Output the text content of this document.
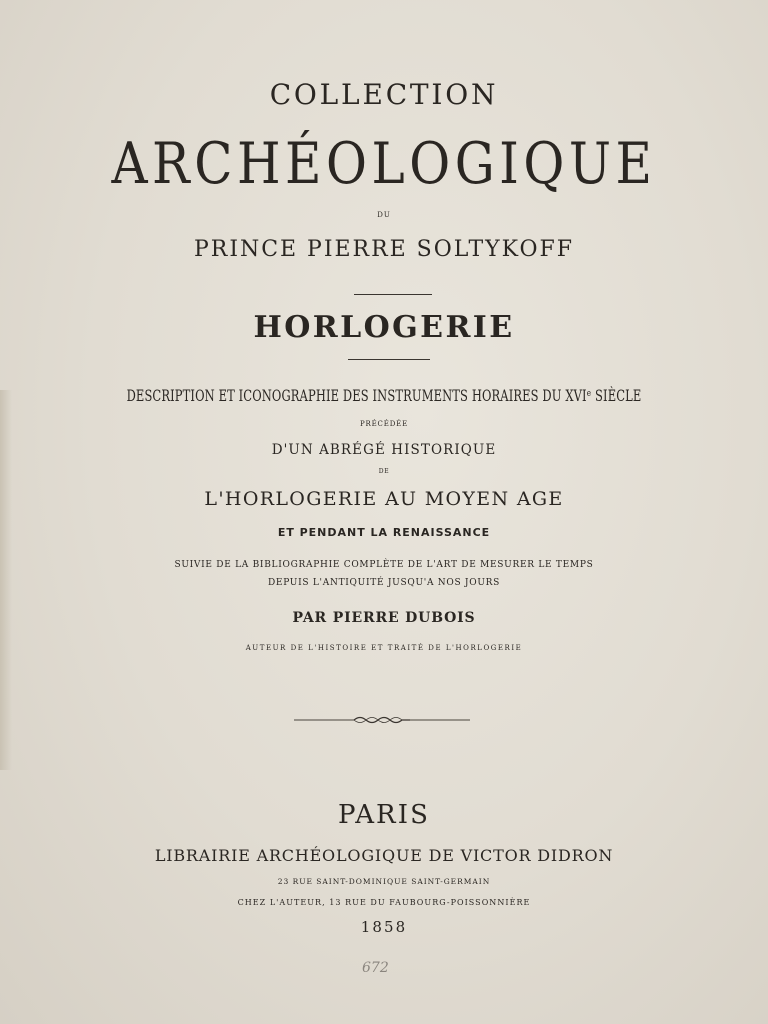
COLLECTION
ARCHÉOLOGIQUE
DU
PRINCE PIERRE SOLTYKOFF
HORLOGERIE
DESCRIPTION ET ICONOGRAPHIE DES INSTRUMENTS HORAIRES DU XVIᵉ SIÈCLE
PRÉCÉDÉE
D'UN ABRÉGÉ HISTORIQUE
DE
L'HORLOGERIE AU MOYEN AGE
ET PENDANT LA RENAISSANCE
SUIVIE DE LA BIBLIOGRAPHIE COMPLÈTE DE L'ART DE MESURER LE TEMPS
DEPUIS L'ANTIQUITÉ JUSQU'A NOS JOURS
PAR PIERRE DUBOIS
AUTEUR DE L'HISTOIRE ET TRAITÉ DE L'HORLOGERIE
PARIS
LIBRAIRIE ARCHÉOLOGIQUE DE VICTOR DIDRON
23 RUE SAINT-DOMINIQUE SAINT-GERMAIN
CHEZ L'AUTEUR, 13 RUE DU FAUBOURG-POISSONNIÈRE
1858
672
